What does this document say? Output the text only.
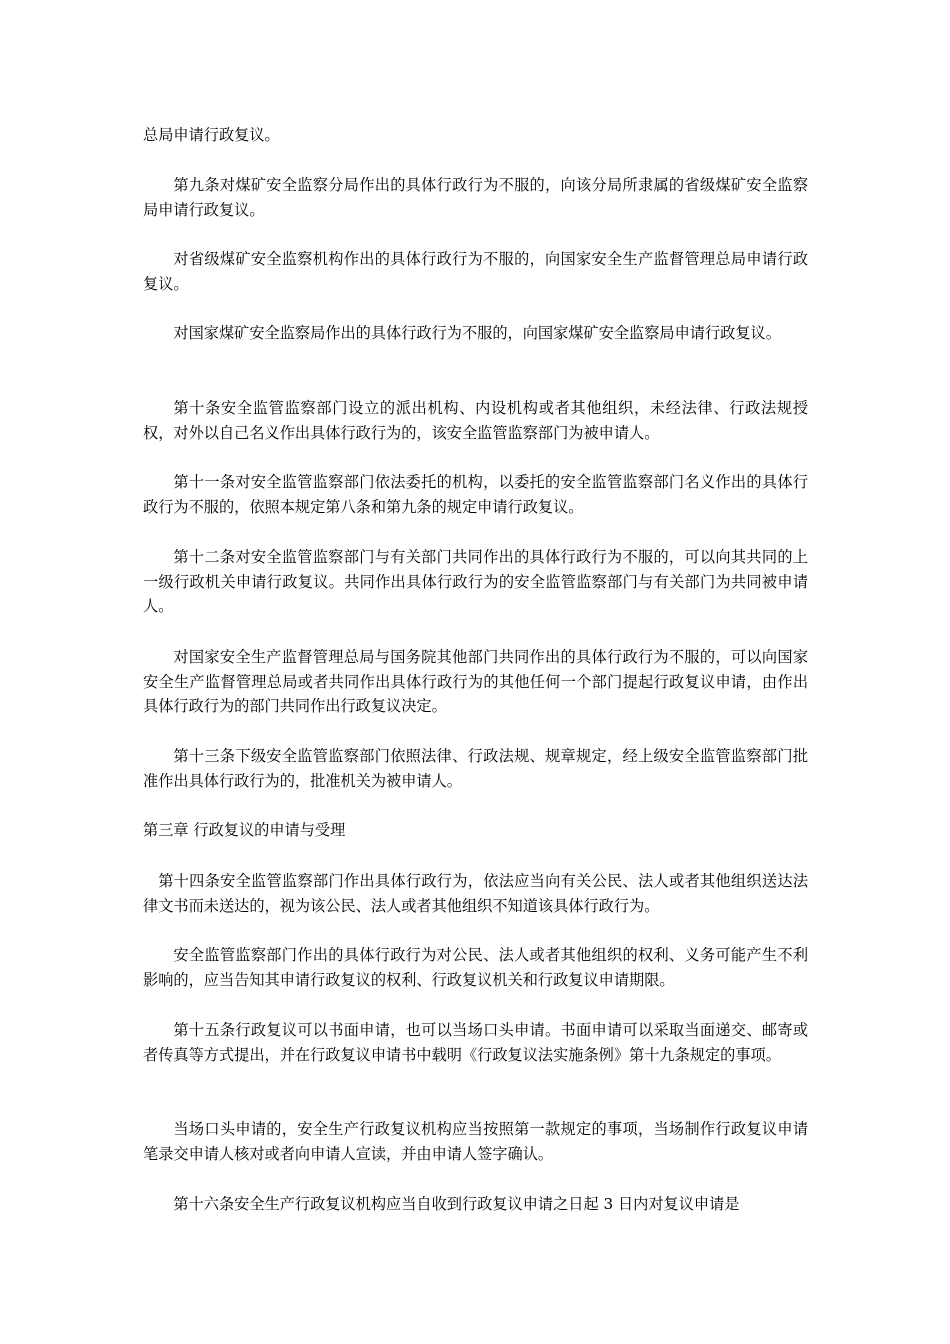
总局申请行政复议。

第九条对煤矿安全监察分局作出的具体行政行为不服的，向该分局所隶属的省级煤矿安全监察局申请行政复议。

对省级煤矿安全监察机构作出的具体行政行为不服的，向国家安全生产监督管理总局申请行政复议。

对国家煤矿安全监察局作出的具体行政行为不服的，向国家煤矿安全监察局申请行政复议。

第十条安全监管监察部门设立的派出机构、内设机构或者其他组织，未经法律、行政法规授权，对外以自己名义作出具体行政行为的，该安全监管监察部门为被申请人。

第十一条对安全监管监察部门依法委托的机构，以委托的安全监管监察部门名义作出的具体行政行为不服的，依照本规定第八条和第九条的规定申请行政复议。

第十二条对安全监管监察部门与有关部门共同作出的具体行政行为不服的，可以向其共同的上一级行政机关申请行政复议。共同作出具体行政行为的安全监管监察部门与有关部门为共同被申请人。

对国家安全生产监督管理总局与国务院其他部门共同作出的具体行政行为不服的，可以向国家安全生产监督管理总局或者共同作出具体行政行为的其他任何一个部门提起行政复议申请，由作出具体行政行为的部门共同作出行政复议决定。

第十三条下级安全监管监察部门依照法律、行政法规、规章规定，经上级安全监管监察部门批准作出具体行政行为的，批准机关为被申请人。

第三章 行政复议的申请与受理

第十四条安全监管监察部门作出具体行政行为，依法应当向有关公民、法人或者其他组织送达法律文书而未送达的，视为该公民、法人或者其他组织不知道该具体行政行为。

安全监管监察部门作出的具体行政行为对公民、法人或者其他组织的权利、义务可能产生不利影响的，应当告知其申请行政复议的权利、行政复议机关和行政复议申请期限。

第十五条行政复议可以书面申请，也可以当场口头申请。书面申请可以采取当面递交、邮寄或者传真等方式提出，并在行政复议申请书中载明《行政复议法实施条例》第十九条规定的事项。

当场口头申请的，安全生产行政复议机构应当按照第一款规定的事项，当场制作行政复议申请笔录交申请人核对或者向申请人宣读，并由申请人签字确认。

第十六条安全生产行政复议机构应当自收到行政复议申请之日起 3 日内对复议申请是
